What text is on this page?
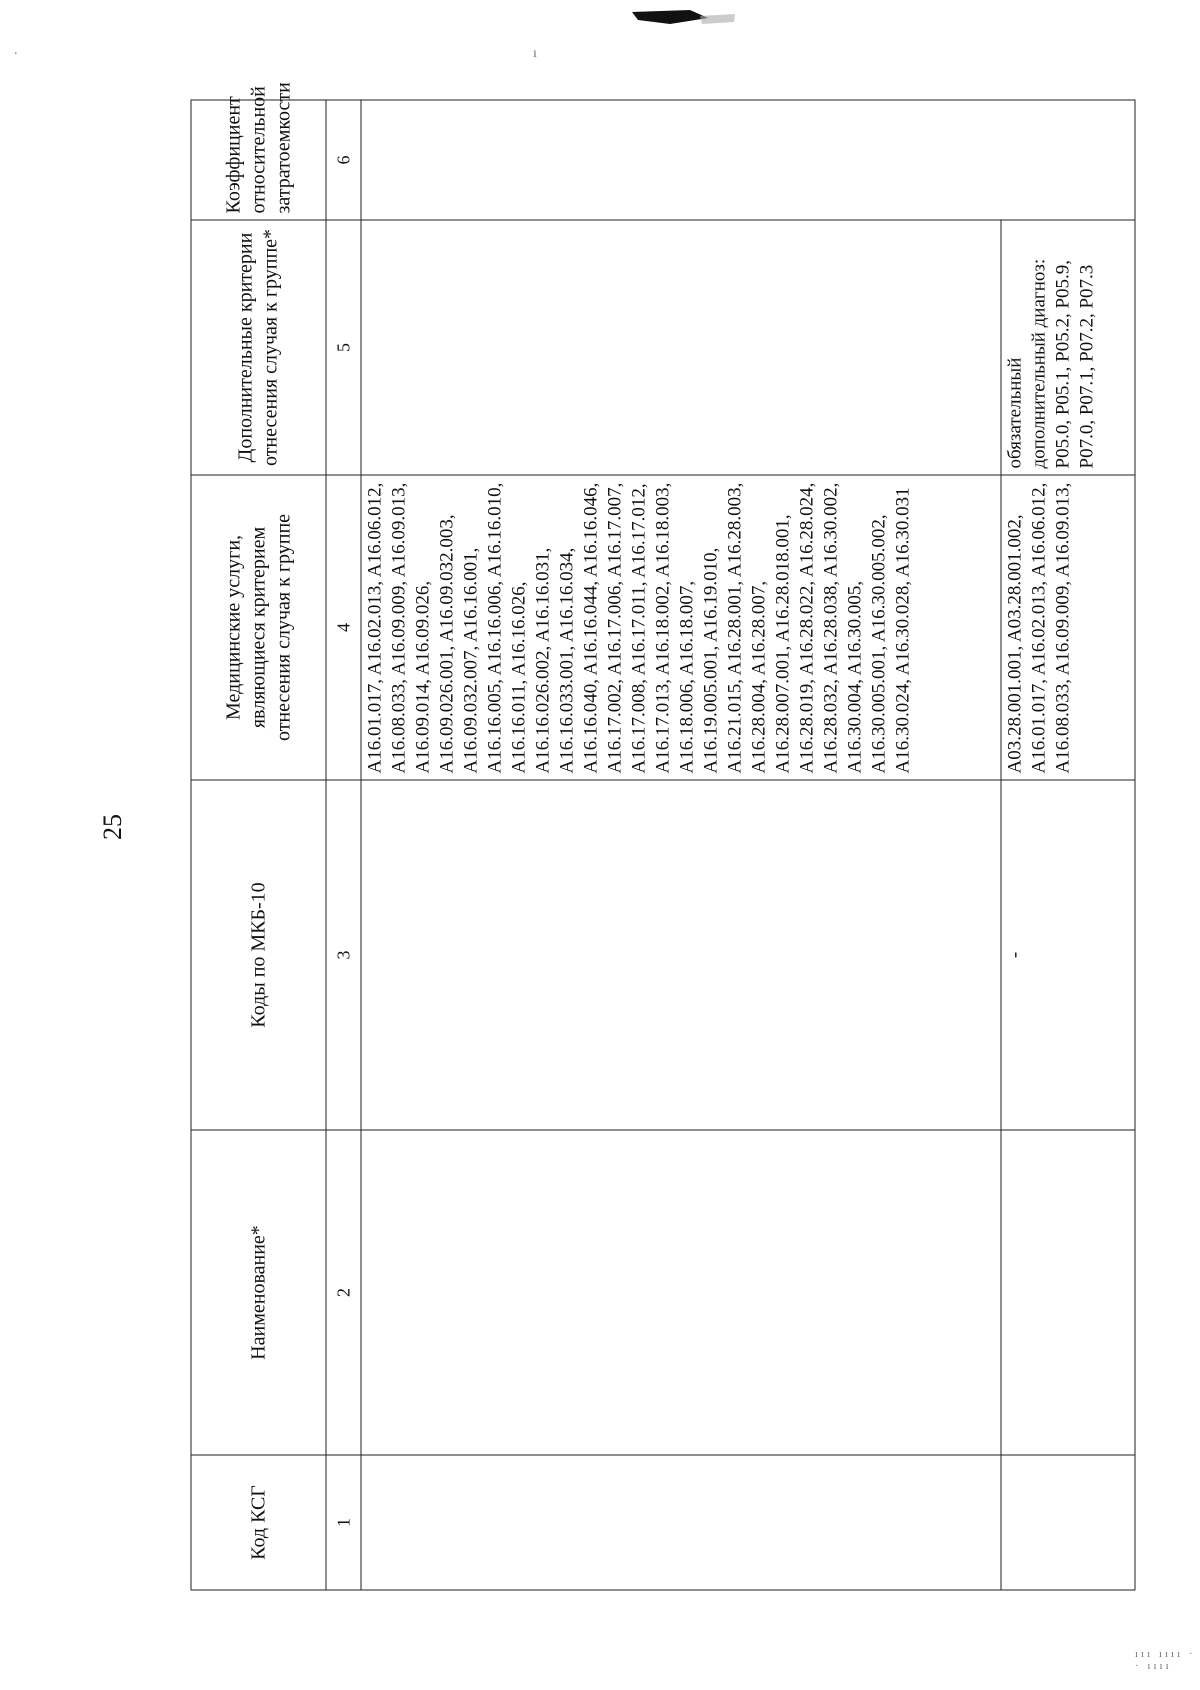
ı
.
ııı ıııı · · ıııı
25
Код КСГ	Наименование*	Коды по МКБ-10	Медицинские услуги, являющиеся критерием отнесения случая к группе	Дополнительные критерии отнесения случая к группе*	Коэффициент относительной затратоемкости
1	2	3	4	5	6
			A16.01.017, A16.02.013, A16.06.012, A16.08.033, A16.09.009, A16.09.013, A16.09.014, A16.09.026, A16.09.026.001, A16.09.032.003, A16.09.032.007, A16.16.001, A16.16.005, A16.16.006, A16.16.010, A16.16.011, A16.16.026, A16.16.026.002, A16.16.031, A16.16.033.001, A16.16.034, A16.16.040, A16.16.044, A16.16.046, A16.17.002, A16.17.006, A16.17.007, A16.17.008, A16.17.011, A16.17.012, A16.17.013, A16.18.002, A16.18.003, A16.18.006, A16.18.007, A16.19.005.001, A16.19.010, A16.21.015, A16.28.001, A16.28.003, A16.28.004, A16.28.007, A16.28.007.001, A16.28.018.001, A16.28.019, A16.28.022, A16.28.024, A16.28.032, A16.28.038, A16.30.002, A16.30.004, A16.30.005, A16.30.005.001, A16.30.005.002, A16.30.024, A16.30.028, A16.30.031		
		-	A03.28.001.001, A03.28.001.002, A16.01.017, A16.02.013, A16.06.012, A16.08.033, A16.09.009, A16.09.013,	обязательный дополнительный диагноз: P05.0, P05.1, P05.2, P05.9, P07.0, P07.1, P07.2, P07.3	
